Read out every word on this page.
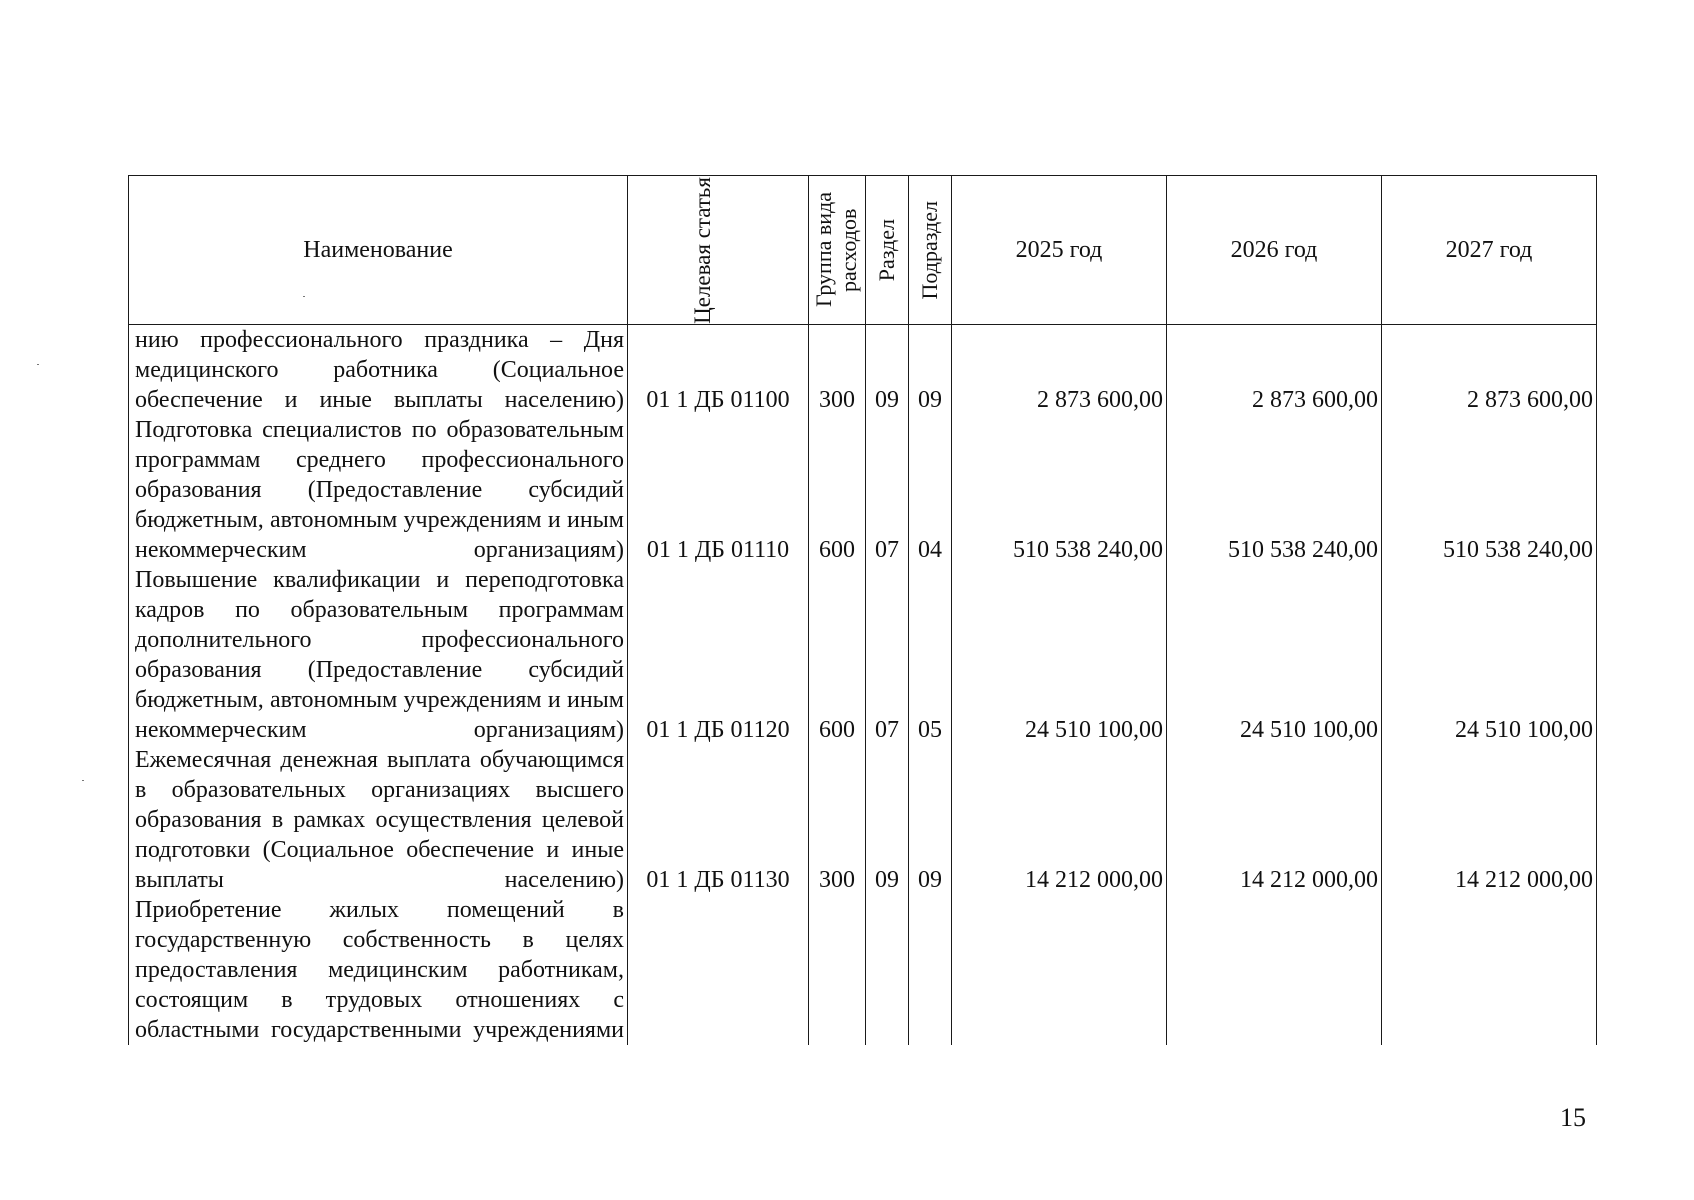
Наименование	Целевая статья	Группа вида расходов	Раздел	Подраздел	2025 год	2026 год	2027 год

нию профессионального праздника – Дня медицинского работника (Социальное обеспечение и иные выплаты населению)	01 1 ДБ 01100	300	09	09	2 873 600,00	2 873 600,00	2 873 600,00
Подготовка специалистов по образовательным программам среднего профессионального образования (Предоставление субсидий бюджетным, автономным учреждениям и иным некоммерческим организациям)	01 1 ДБ 01110	600	07	04	510 538 240,00	510 538 240,00	510 538 240,00
Повышение квалификации и переподготовка кадров по образовательным программам дополнительного профессионального образования (Предоставление субсидий бюджетным, автономным учреждениям и иным некоммерческим организациям)	01 1 ДБ 01120	600	07	05	24 510 100,00	24 510 100,00	24 510 100,00
Ежемесячная денежная выплата обучающимся в образовательных организациях высшего образования в рамках осуществления целевой подготовки (Социальное обеспечение и иные выплаты населению)	01 1 ДБ 01130	300	09	09	14 212 000,00	14 212 000,00	14 212 000,00
Приобретение жилых помещений в государственную собственность в целях предоставления медицинским работникам, состоящим в трудовых отношениях с областными государственными учреждениями							
15
